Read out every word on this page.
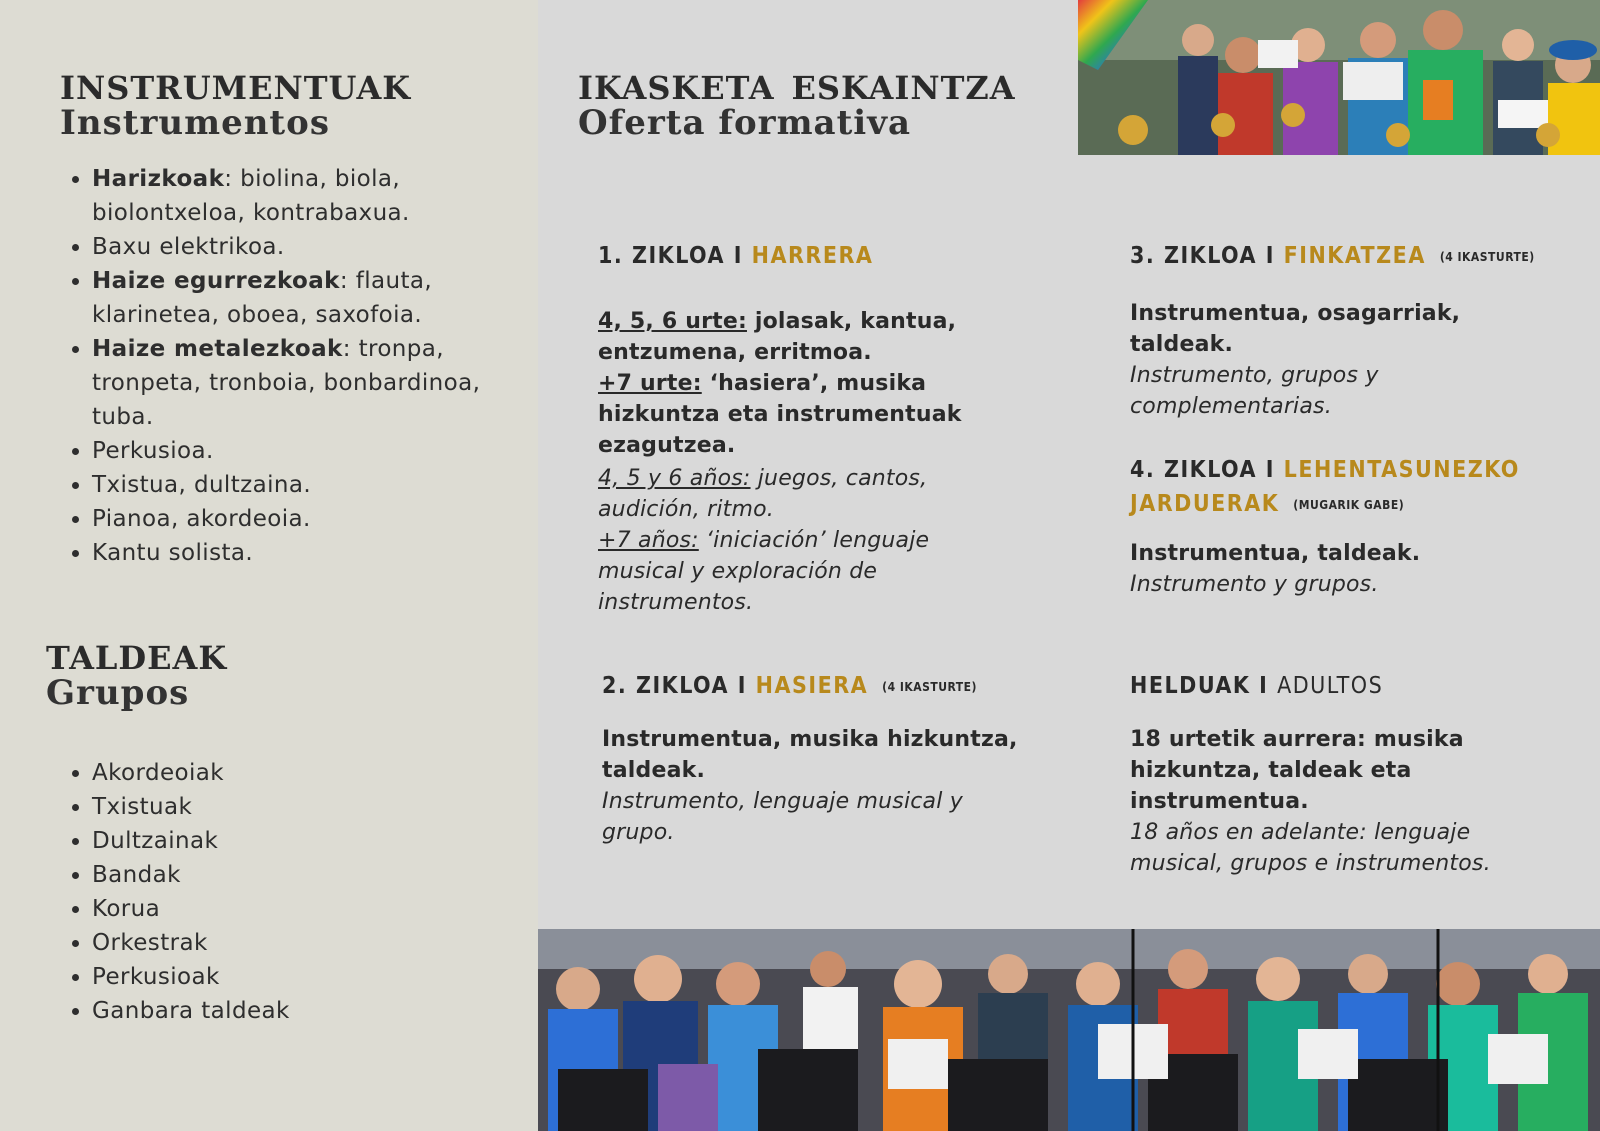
instrumentuak
Instrumentos
• Harizkoak: biolina, biola, biolontxeloa, kontrabaxua.
• Baxu elektrikoa.
• Haize egurrezkoak: flauta, klarinetea, oboea, saxofoia.
• Haize metalezkoak: tronpa, tronpeta, tronboia, bonbardinoa, tuba.
• Perkusioa.
• Txistua, dultzaina.
• Pianoa, akordeoia.
• Kantu solista.
taldeak
Grupos
• Akordeoiak
• Txistuak
• Dultzainak
• Bandak
• Korua
• Orkestrak
• Perkusioak
• Ganbara taldeak
ikasketa eskaintza
Oferta formativa
1. ZIKLOA I HARRERA
4, 5, 6 urte: jolasak, kantua, entzumena, erritmoa.
+7 urte: ‘hasiera’, musika hizkuntza eta instrumentuak ezagutzea.
4, 5 y 6 años: juegos, cantos, audición, ritmo.
+7 años: ‘iniciación’ lenguaje musical y exploración de instrumentos.
2. ZIKLOA I HASIERA (4 IKASTURTE)
Instrumentua, musika hizkuntza, taldeak.
Instrumento, lenguaje musical y grupo.
3. ZIKLOA I FINKATZEA (4 IKASTURTE)
Instrumentua, osagarriak, taldeak.
Instrumento, grupos y complementarias.
4. ZIKLOA I LEHENTASUNEZKO
JARDUERAK (MUGARIK GABE)
Instrumentua, taldeak.
Instrumento y grupos.
HELDUAK I ADULTOS
18 urtetik aurrera: musika hizkuntza, taldeak eta instrumentua.
18 años en adelante: lenguaje musical, grupos e instrumentos.
